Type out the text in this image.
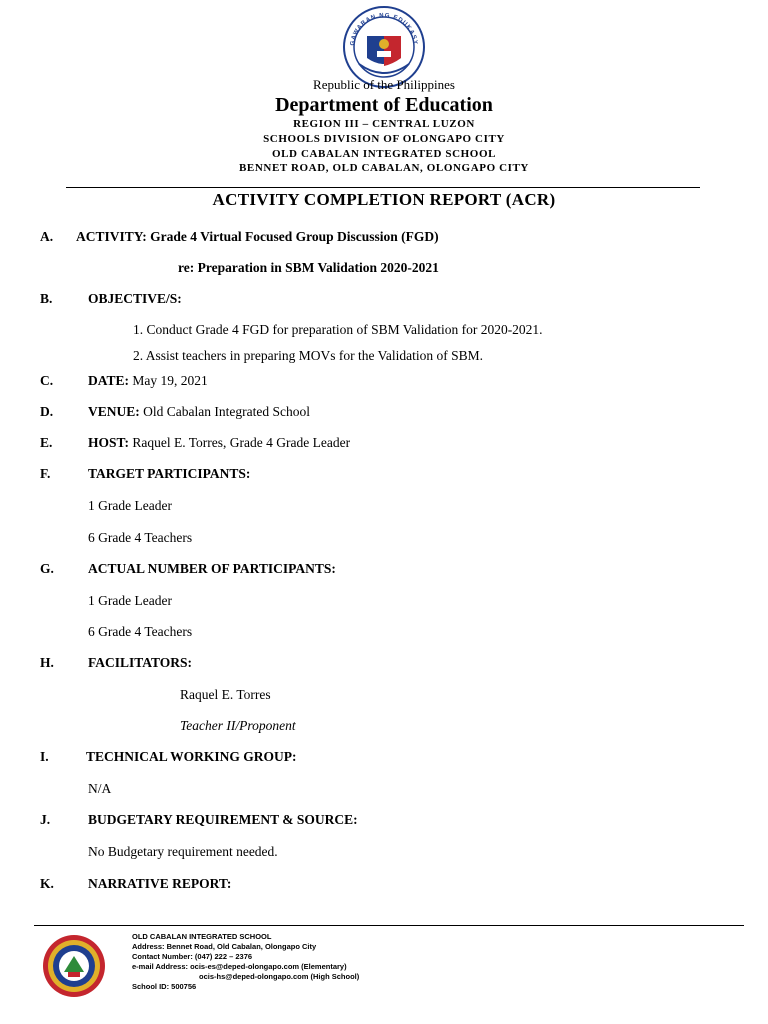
GAWARAN NG EDUKASY
Republic of the Philippines
Department of Education
REGION III – CENTRAL LUZON
SCHOOLS DIVISION OF OLONGAPO CITY
OLD CABALAN INTEGRATED SCHOOL
BENNET ROAD, OLD CABALAN, OLONGAPO CITY
ACTIVITY COMPLETION REPORT (ACR)
A. ACTIVITY: Grade 4 Virtual Focused Group Discussion (FGD)
re: Preparation in SBM Validation 2020-2021
B.	OBJECTIVE/S:
1. Conduct Grade 4 FGD for preparation of SBM Validation for 2020-2021.
2. Assist teachers in preparing MOVs for the Validation of SBM.
C.	DATE: May 19, 2021
D.	VENUE: Old Cabalan Integrated School
E.	HOST: Raquel E. Torres, Grade 4 Grade Leader
F.	TARGET PARTICIPANTS:
1 Grade Leader
6 Grade 4 Teachers
G.	ACTUAL NUMBER OF PARTICIPANTS:
1 Grade Leader
6 Grade 4 Teachers
H.	FACILITATORS:
Raquel E. Torres
Teacher II/Proponent
I.	TECHNICAL WORKING GROUP:
N/A
J.	BUDGETARY REQUIREMENT & SOURCE:
No Budgetary requirement needed.
K.	NARRATIVE REPORT:
OLD CABALAN INTEGRATED SCHOOL
Address: Bennet Road, Old Cabalan, Olongapo City
Contact Number: (047) 222 – 2376
e-mail Address: ocis-es@deped-olongapo.com (Elementary)
ocis-hs@deped-olongapo.com (High School)
School ID: 500756
